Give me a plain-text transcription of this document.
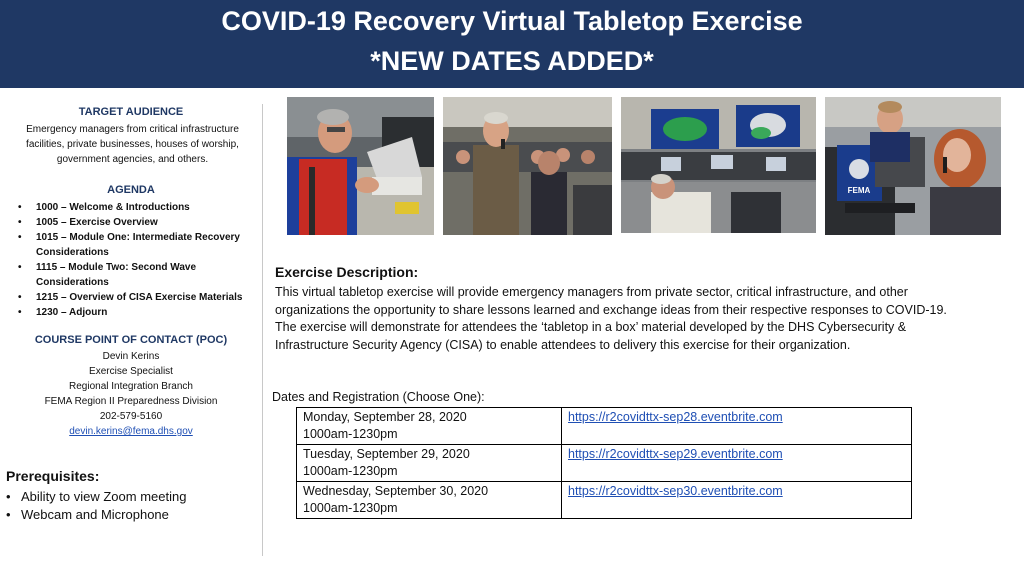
COVID-19 Recovery Virtual Tabletop Exercise
*NEW DATES ADDED*
TARGET AUDIENCE
Emergency managers from critical infrastructure facilities, private businesses, houses of worship, government agencies, and others.
AGENDA
• 1000 – Welcome & Introductions
• 1005 – Exercise Overview
• 1015 – Module One: Intermediate Recovery Considerations
• 1115 – Module Two: Second Wave Considerations
• 1215 – Overview of CISA Exercise Materials
• 1230 – Adjourn
COURSE POINT OF CONTACT (POC)
Devin Kerins
Exercise Specialist
Regional Integration Branch
FEMA Region II Preparedness Division
202-579-5160
devin.kerins@fema.dhs.gov
Prerequisites:
• Ability to view Zoom meeting
• Webcam and Microphone
FEMA
Exercise Description:
This virtual tabletop exercise will provide emergency managers from private sector, critical infrastructure, and other organizations the opportunity to share lessons learned and exchange ideas from their respective responses to COVID-19. The exercise will demonstrate for attendees the ‘tabletop in a box’ material developed by the DHS Cybersecurity & Infrastructure Security Agency (CISA) to enable attendees to delivery this exercise for their organization.
Dates and Registration (Choose One):
Monday, September 28, 2020
1000am-1230pm	https://r2covidttx-sep28.eventbrite.com

Tuesday, September 29, 2020
1000am-1230pm	https://r2covidttx-sep29.eventbrite.com

Wednesday, September 30, 2020
1000am-1230pm	https://r2covidttx-sep30.eventbrite.com
